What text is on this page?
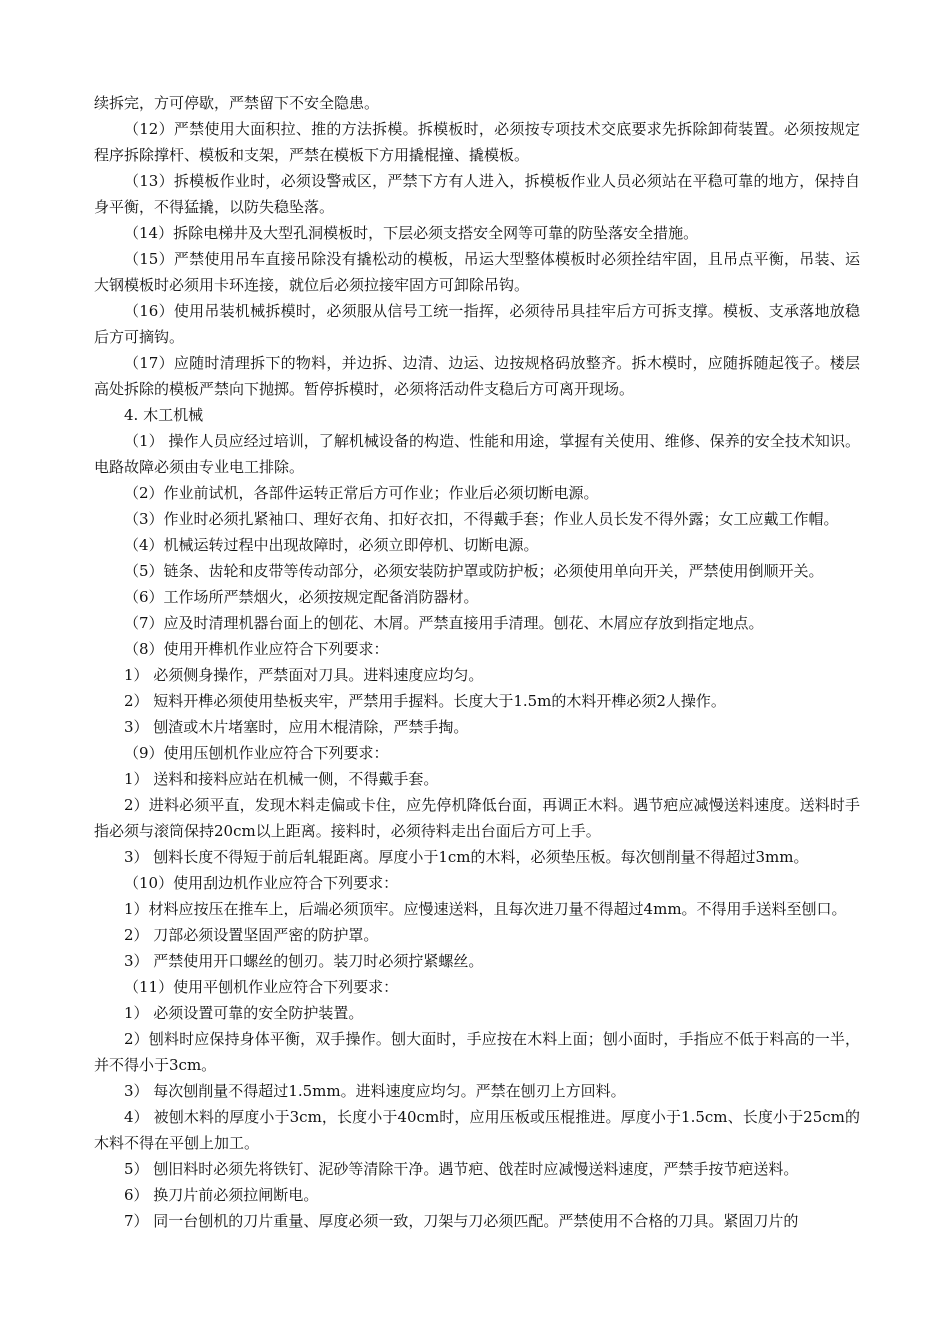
续拆完，方可停歇，严禁留下不安全隐患。

（12）严禁使用大面积拉、推的方法拆模。拆模板时，必须按专项技术交底要求先拆除卸荷装置。必须按规定程序拆除撑杆、模板和支架，严禁在模板下方用撬棍撞、撬模板。

（13）拆模板作业时，必须设警戒区，严禁下方有人进入，拆模板作业人员必须站在平稳可靠的地方，保持自身平衡，不得猛撬，以防失稳坠落。

（14）拆除电梯井及大型孔洞模板时，下层必须支搭安全网等可靠的防坠落安全措施。

（15）严禁使用吊车直接吊除没有撬松动的模板，吊运大型整体模板时必须拴结牢固，且吊点平衡，吊装、运大钢模板时必须用卡环连接，就位后必须拉接牢固方可卸除吊钩。

（16）使用吊装机械拆模时，必须服从信号工统一指挥，必须待吊具挂牢后方可拆支撑。模板、支承落地放稳后方可摘钩。

（17）应随时清理拆下的物料，并边拆、边清、边运、边按规格码放整齐。拆木模时，应随拆随起筏子。楼层高处拆除的模板严禁向下抛掷。暂停拆模时，必须将活动件支稳后方可离开现场。

4. 木工机械

（1） 操作人员应经过培训，了解机械设备的构造、性能和用途，掌握有关使用、维修、保养的安全技术知识。电路故障必须由专业电工排除。

（2）作业前试机，各部件运转正常后方可作业；作业后必须切断电源。

（3）作业时必须扎紧袖口、理好衣角、扣好衣扣，不得戴手套；作业人员长发不得外露；女工应戴工作帽。

（4）机械运转过程中出现故障时，必须立即停机、切断电源。

（5）链条、齿轮和皮带等传动部分，必须安装防护罩或防护板；必须使用单向开关，严禁使用倒顺开关。

（6）工作场所严禁烟火，必须按规定配备消防器材。

（7）应及时清理机器台面上的刨花、木屑。严禁直接用手清理。刨花、木屑应存放到指定地点。

（8）使用开榫机作业应符合下列要求：

1） 必须侧身操作，严禁面对刀具。进料速度应均匀。

2） 短料开榫必须使用垫板夹牢，严禁用手握料。长度大于1.5m的木料开榫必须2人操作。

3） 刨渣或木片堵塞时，应用木棍清除，严禁手掏。

（9）使用压刨机作业应符合下列要求：

1） 送料和接料应站在机械一侧，不得戴手套。

2）进料必须平直，发现木料走偏或卡住，应先停机降低台面，再调正木料。遇节疤应减慢送料速度。送料时手指必须与滚筒保持20cm以上距离。接料时，必须待料走出台面后方可上手。

3） 刨料长度不得短于前后轧辊距离。厚度小于1cm的木料，必须垫压板。每次刨削量不得超过3mm。

（10）使用刮边机作业应符合下列要求：

1）材料应按压在推车上，后端必须顶牢。应慢速送料，且每次进刀量不得超过4mm。不得用手送料至刨口。

2） 刀部必须设置坚固严密的防护罩。

3） 严禁使用开口螺丝的刨刃。装刀时必须拧紧螺丝。

（11）使用平刨机作业应符合下列要求：

1） 必须设置可靠的安全防护装置。

2）刨料时应保持身体平衡，双手操作。刨大面时，手应按在木料上面；刨小面时，手指应不低于料高的一半，并不得小于3cm。

3） 每次刨削量不得超过1.5mm。进料速度应均匀。严禁在刨刃上方回料。

4） 被刨木料的厚度小于3cm，长度小于40cm时，应用压板或压棍推进。厚度小于1.5cm、长度小于25cm的木料不得在平刨上加工。

5） 刨旧料时必须先将铁钉、泥砂等清除干净。遇节疤、戗茬时应减慢送料速度，严禁手按节疤送料。

6） 换刀片前必须拉闸断电。

7） 同一台刨机的刀片重量、厚度必须一致，刀架与刀必须匹配。严禁使用不合格的刀具。紧固刀片的
